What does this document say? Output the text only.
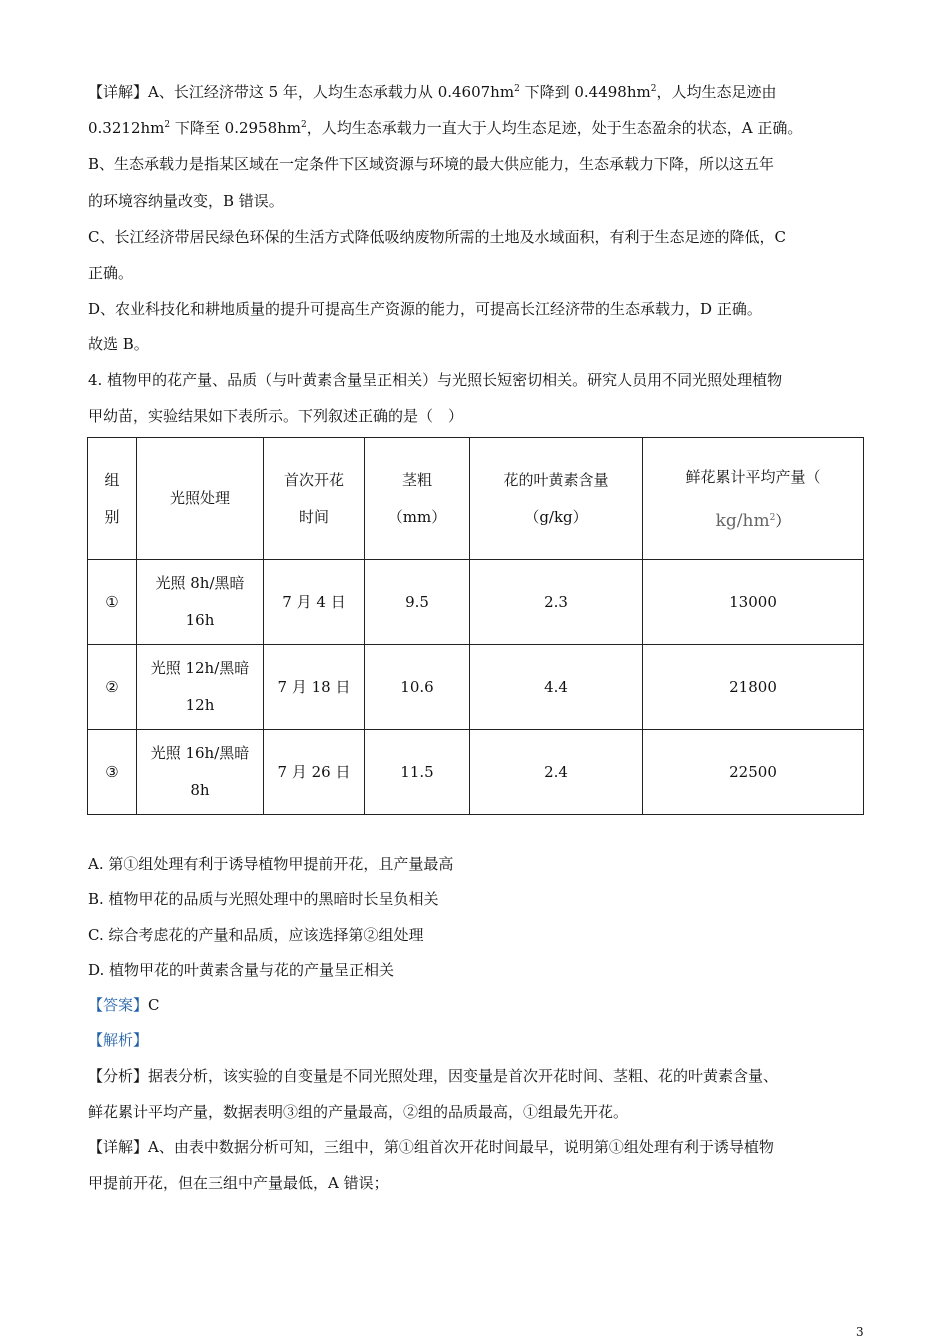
【详解】A、长江经济带这 5 年，人均生态承载力从 $0.4607hm^2$ 下降到 $0.4498hm^2$，人均生态足迹由
$0.3212hm^2$ 下降至 $0.2958hm^2$，人均生态承载力一直大于人均生态足迹，处于生态盈余的状态，A 正确。
B、生态承载力是指某区域在一定条件下区域资源与环境的最大供应能力，生态承载力下降，所以这五年
的环境容纳量改变，B 错误。
C、长江经济带居民绿色环保的生活方式降低吸纳废物所需的土地及水域面积，有利于生态足迹的降低，C
正确。
D、农业科技化和耕地质量的提升可提高生产资源的能力，可提高长江经济带的生态承载力，D 正确。
故选 B。
4. 植物甲的花产量、品质（与叶黄素含量呈正相关）与光照长短密切相关。研究人员用不同光照处理植物
甲幼苗，实验结果如下表所示。下列叙述正确的是（　）
组
别	光照处理	首次开花
时间	茎粗
（mm）	花的叶黄素含量
（g/kg）	鲜花累计平均产量（
$kg/hm^2$）
①	光照 8h/黑暗
16h	7 月 4 日	9.5	2.3	13000
②	光照 12h/黑暗
12h	7 月 18 日	10.6	4.4	21800
③	光照 16h/黑暗
8h	7 月 26 日	11.5	2.4	22500
A. 第①组处理有利于诱导植物甲提前开花，且产量最高
B. 植物甲花的品质与光照处理中的黑暗时长呈负相关
C. 综合考虑花的产量和品质，应该选择第②组处理
D. 植物甲花的叶黄素含量与花的产量呈正相关
【答案】C
【解析】
【分析】据表分析，该实验的自变量是不同光照处理，因变量是首次开花时间、茎粗、花的叶黄素含量、
鲜花累计平均产量，数据表明③组的产量最高，②组的品质最高，①组最先开花。
【详解】A、由表中数据分析可知，三组中，第①组首次开花时间最早，说明第①组处理有利于诱导植物
甲提前开花，但在三组中产量最低，A 错误；
3
